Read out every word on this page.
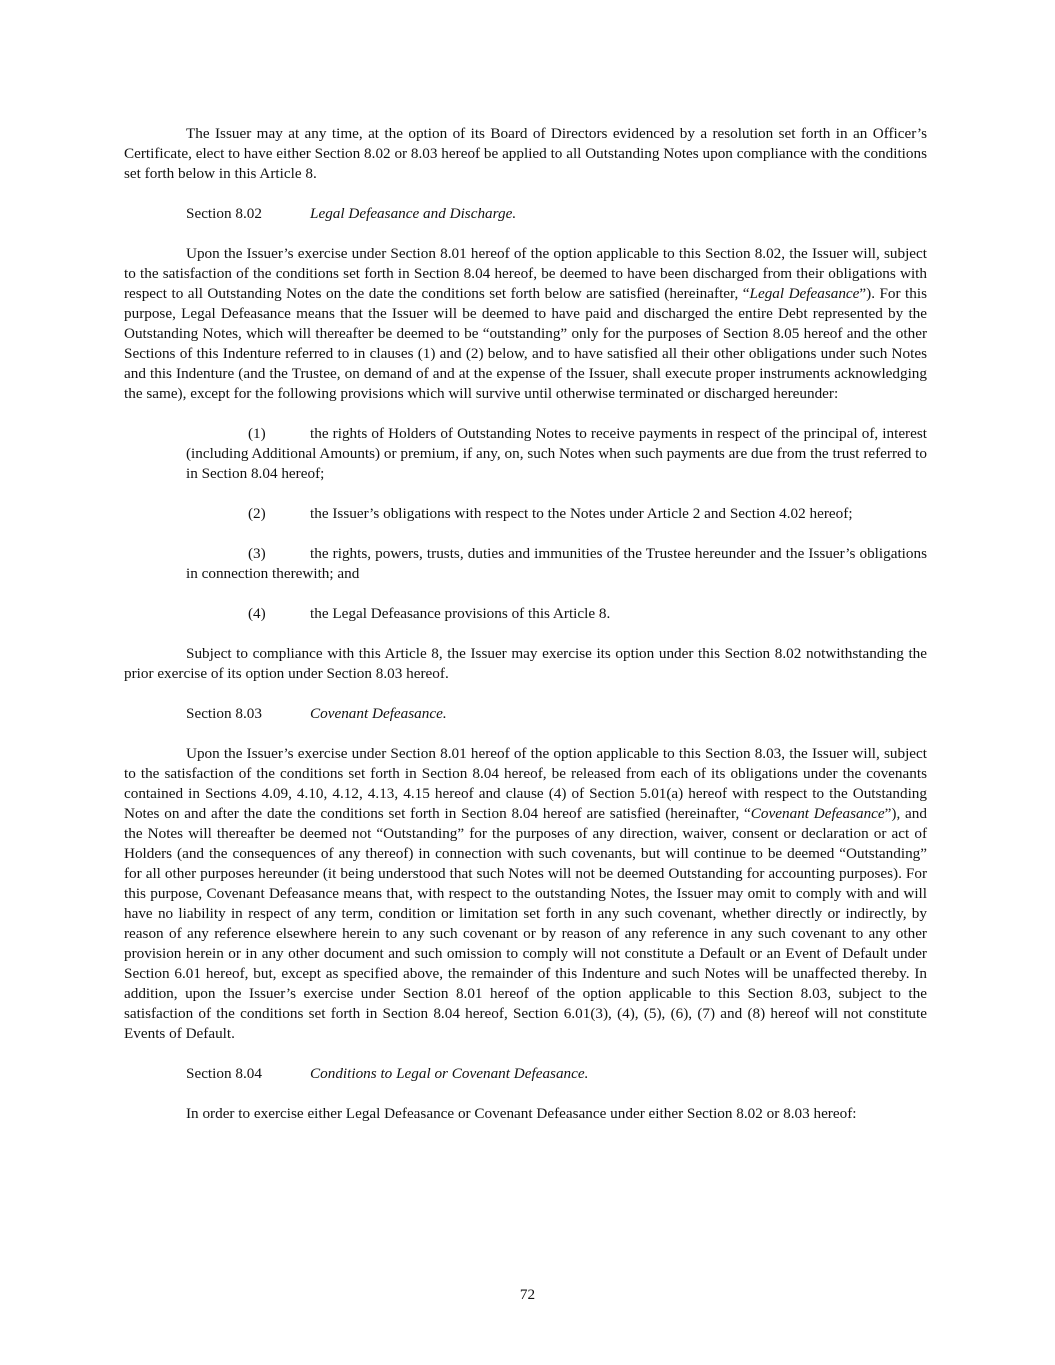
The Issuer may at any time, at the option of its Board of Directors evidenced by a resolution set forth in an Officer’s Certificate, elect to have either Section 8.02 or 8.03 hereof be applied to all Outstanding Notes upon compliance with the conditions set forth below in this Article 8.

Section 8.02	Legal Defeasance and Discharge.

Upon the Issuer’s exercise under Section 8.01 hereof of the option applicable to this Section 8.02, the Issuer will, subject to the satisfaction of the conditions set forth in Section 8.04 hereof, be deemed to have been discharged from their obligations with respect to all Outstanding Notes on the date the conditions set forth below are satisfied (hereinafter, “Legal Defeasance”). For this purpose, Legal Defeasance means that the Issuer will be deemed to have paid and discharged the entire Debt represented by the Outstanding Notes, which will thereafter be deemed to be “outstanding” only for the purposes of Section 8.05 hereof and the other Sections of this Indenture referred to in clauses (1) and (2) below, and to have satisfied all their other obligations under such Notes and this Indenture (and the Trustee, on demand of and at the expense of the Issuer, shall execute proper instruments acknowledging the same), except for the following provisions which will survive until otherwise terminated or discharged hereunder:

(1)	the rights of Holders of Outstanding Notes to receive payments in respect of the principal of, interest (including Additional Amounts) or premium, if any, on, such Notes when such payments are due from the trust referred to in Section 8.04 hereof;

(2)	the Issuer’s obligations with respect to the Notes under Article 2 and Section 4.02 hereof;

(3)	the rights, powers, trusts, duties and immunities of the Trustee hereunder and the Issuer’s obligations in connection therewith; and

(4)	the Legal Defeasance provisions of this Article 8.

Subject to compliance with this Article 8, the Issuer may exercise its option under this Section 8.02 notwithstanding the prior exercise of its option under Section 8.03 hereof.

Section 8.03	Covenant Defeasance.

Upon the Issuer’s exercise under Section 8.01 hereof of the option applicable to this Section 8.03, the Issuer will, subject to the satisfaction of the conditions set forth in Section 8.04 hereof, be released from each of its obligations under the covenants contained in Sections 4.09, 4.10, 4.12, 4.13, 4.15 hereof and clause (4) of Section 5.01(a) hereof with respect to the Outstanding Notes on and after the date the conditions set forth in Section 8.04 hereof are satisfied (hereinafter, “Covenant Defeasance”), and the Notes will thereafter be deemed not “Outstanding” for the purposes of any direction, waiver, consent or declaration or act of Holders (and the consequences of any thereof) in connection with such covenants, but will continue to be deemed “Outstanding” for all other purposes hereunder (it being understood that such Notes will not be deemed Outstanding for accounting purposes). For this purpose, Covenant Defeasance means that, with respect to the outstanding Notes, the Issuer may omit to comply with and will have no liability in respect of any term, condition or limitation set forth in any such covenant, whether directly or indirectly, by reason of any reference elsewhere herein to any such covenant or by reason of any reference in any such covenant to any other provision herein or in any other document and such omission to comply will not constitute a Default or an Event of Default under Section 6.01 hereof, but, except as specified above, the remainder of this Indenture and such Notes will be unaffected thereby. In addition, upon the Issuer’s exercise under Section 8.01 hereof of the option applicable to this Section 8.03, subject to the satisfaction of the conditions set forth in Section 8.04 hereof, Section 6.01(3), (4), (5), (6), (7) and (8) hereof will not constitute Events of Default.

Section 8.04	Conditions to Legal or Covenant Defeasance.

In order to exercise either Legal Defeasance or Covenant Defeasance under either Section 8.02 or 8.03 hereof:

72
